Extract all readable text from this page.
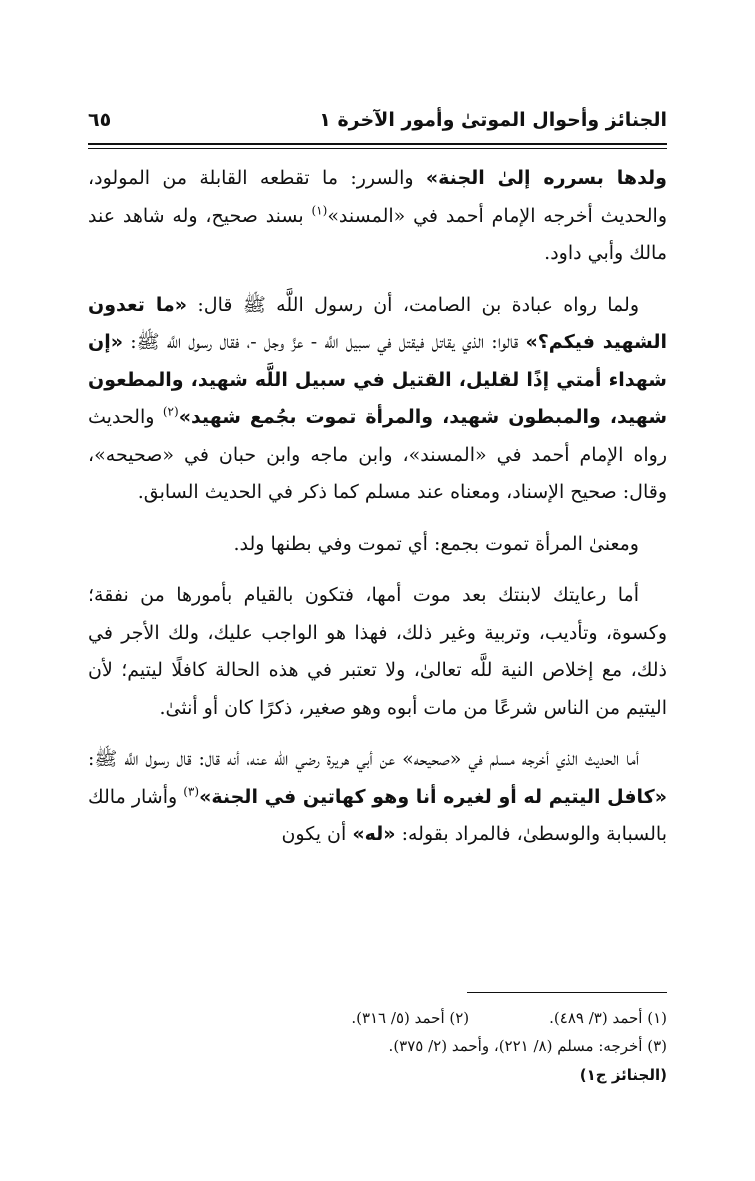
الجنائز وأحوال الموتىٰ وأمور الآخرة ١
٦٥

ولدها بسرره إلىٰ الجنة» والسرر: ما تقطعه القابلة من المولود، والحديث أخرجه الإمام أحمد في «المسند»$^{(١)}$ بسند صحيح، وله شاهد عند مالك وأبي داود.

ولما رواه عبادة بن الصامت، أن رسول اللَّه ﷺ قال: «ما تعدون الشهيد فيكم؟» قالوا: الذي يقاتل فيقتل في سبيل اللَّه - عزَّ وجل -، فقال رسول اللَّه ﷺ: «إن شهداء أمتي إذًا لقليل، القتيل في سبيل اللَّه شهيد، والمطعون شهيد، والمبطون شهيد، والمرأة تموت بجُمع شهيد»$^{(٢)}$ والحديث رواه الإمام أحمد في «المسند»، وابن ماجه وابن حبان في «صحيحه»، وقال: صحيح الإسناد، ومعناه عند مسلم كما ذكر في الحديث السابق.

ومعنىٰ المرأة تموت بجمع: أي تموت وفي بطنها ولد.

أما رعايتك لابنتك بعد موت أمها، فتكون بالقيام بأمورها من نفقة؛ وكسوة، وتأديب، وتربية وغير ذلك، فهذا هو الواجب عليك، ولك الأجر في ذلك، مع إخلاص النية للَّه تعالىٰ، ولا تعتبر في هذه الحالة كافلًا ليتيم؛ لأن اليتيم من الناس شرعًا من مات أبوه وهو صغير، ذكرًا كان أو أنثىٰ.

أما الحديث الذي أخرجه مسلم في «صحيحه» عن أبي هريرة رضي الله عنه، أنه قال: قال رسول اللَّه ﷺ: «كافل اليتيم له أو لغيره أنا وهو كهاتين في الجنة»$^{(٣)}$ وأشار مالك بالسبابة والوسطىٰ، فالمراد بقوله: «له» أن يكون

(١) أحمد (٣/ ٤٨٩).
(٢) أحمد (٥/ ٣١٦).
(٣) أخرجه: مسلم (٨/ ٢٢١)، وأحمد (٢/ ٣٧٥).
(الجنائز ج١)
